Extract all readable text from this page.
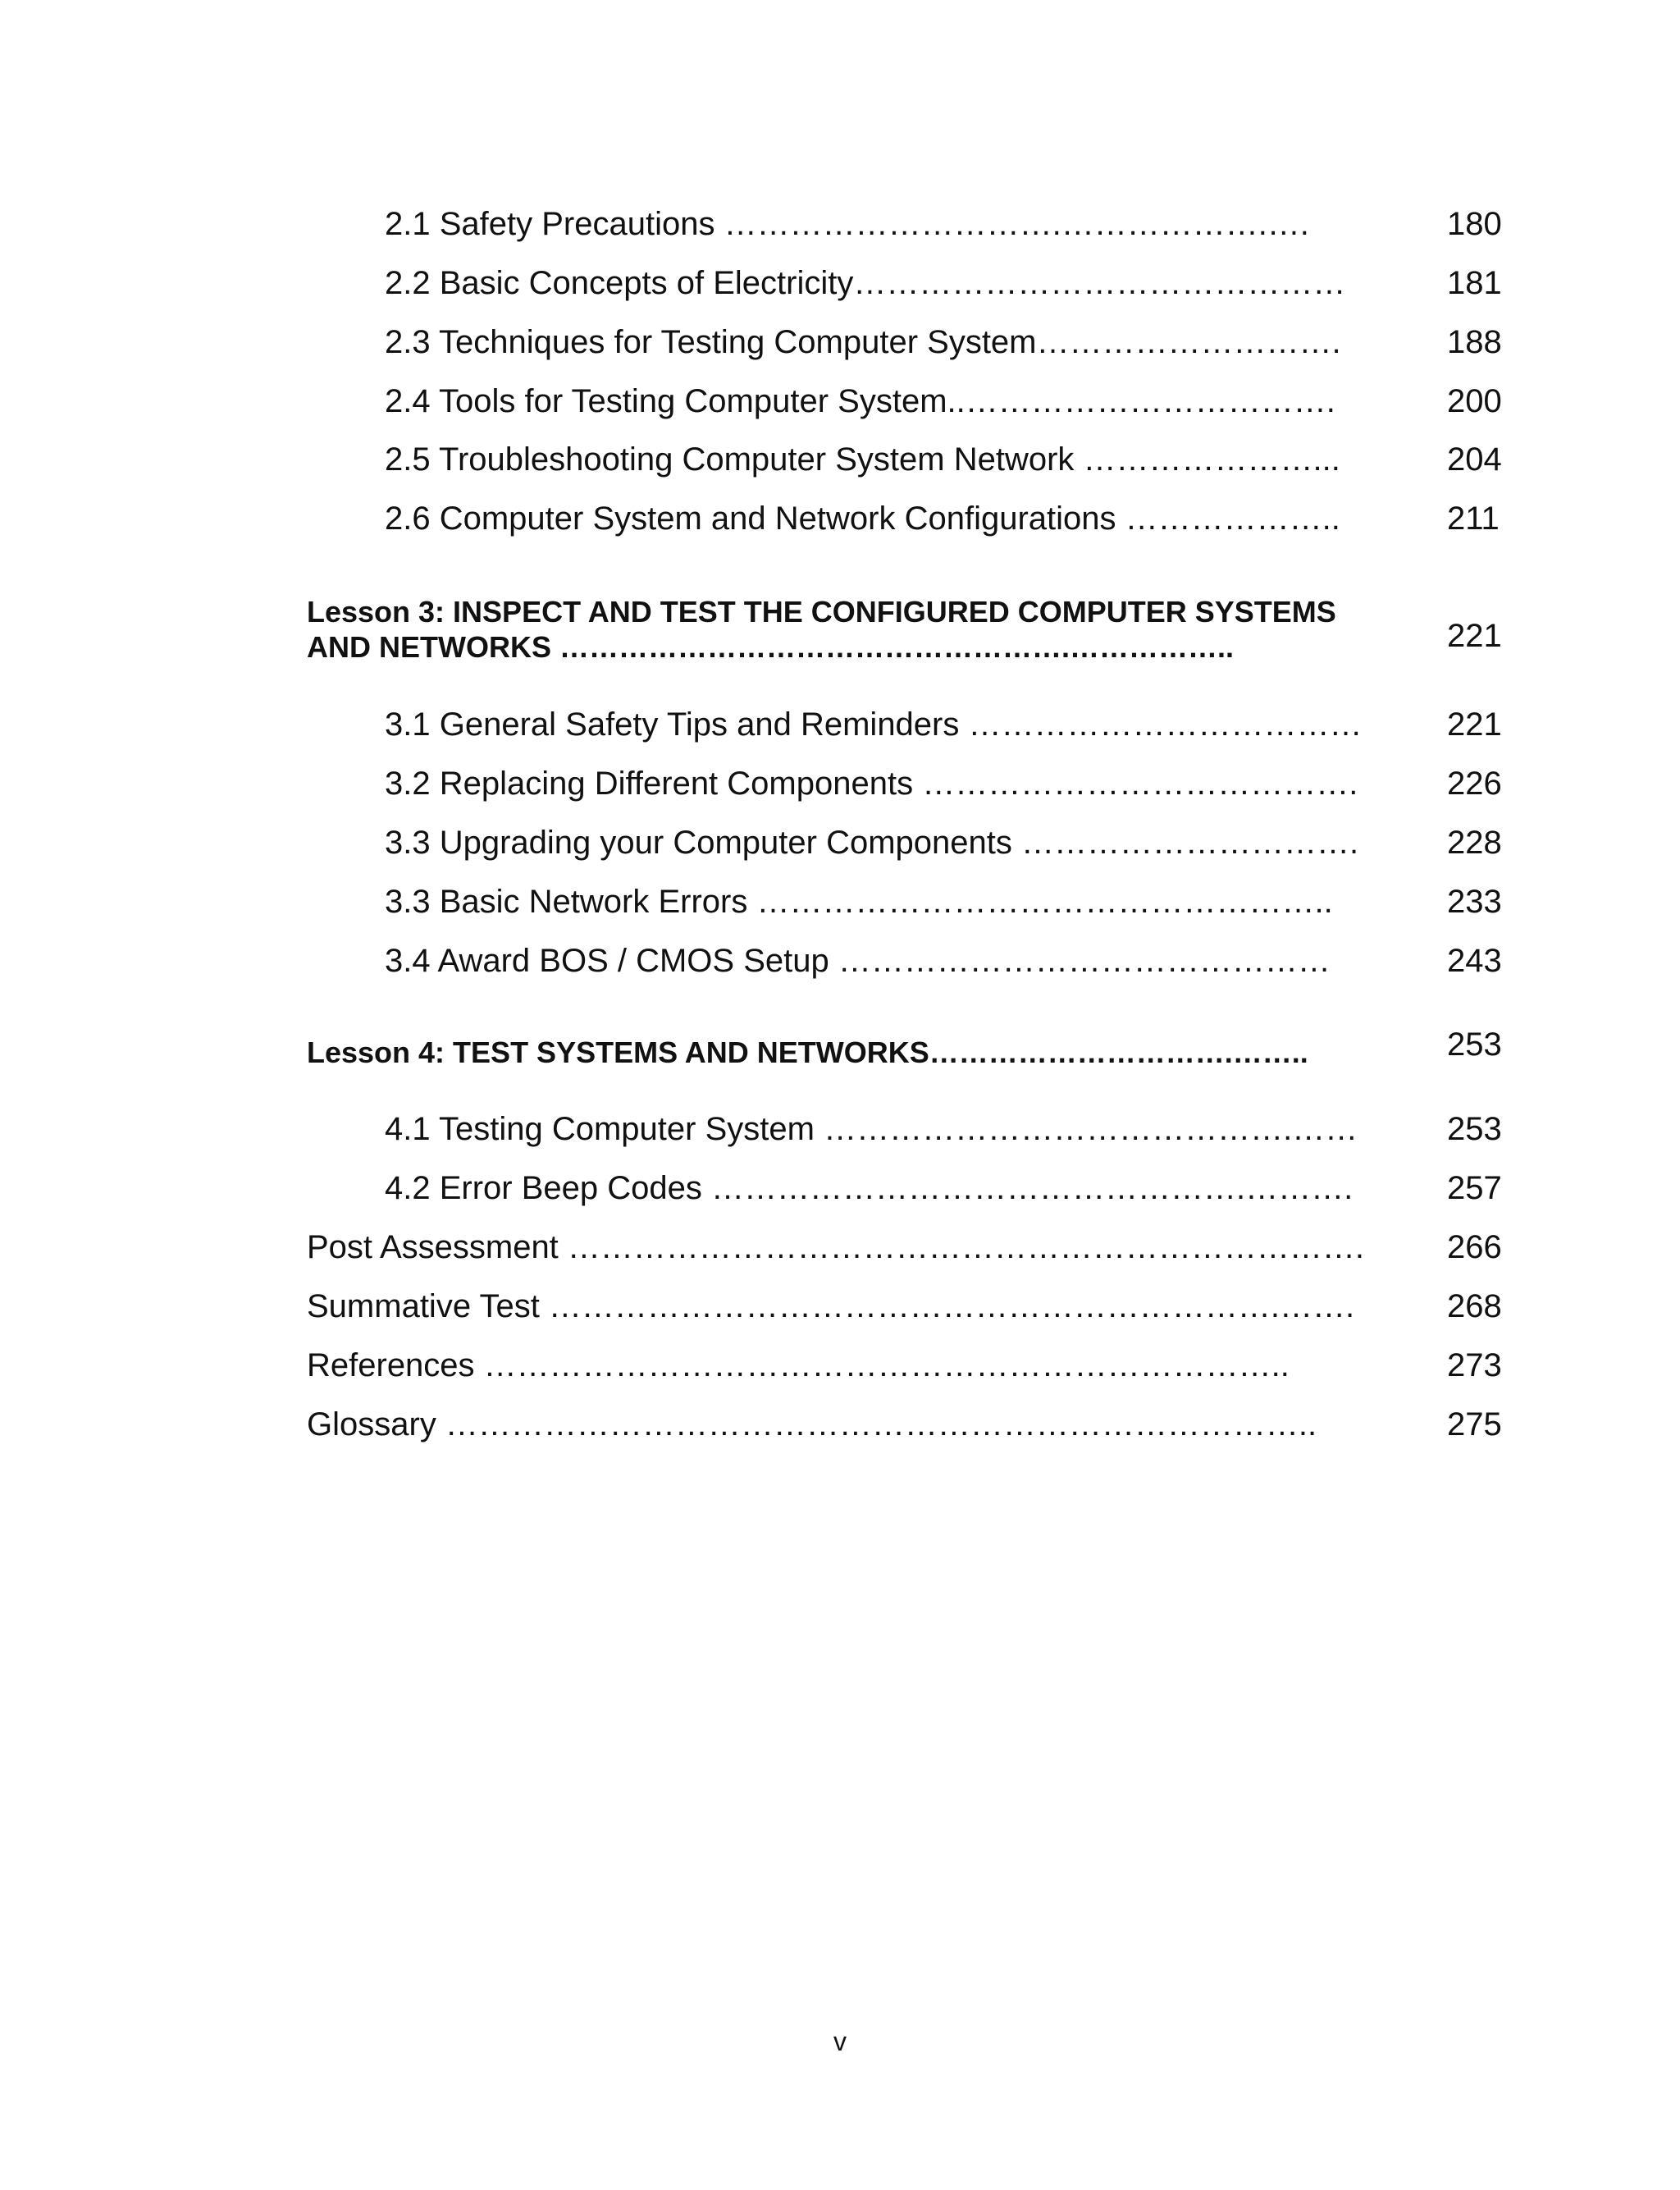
2.1 Safety Precautions ………………………….……………….….	180
2.2 Basic Concepts of Electricity………………………………………	181
2.3 Techniques for Testing Computer System……………………….	188
2.4 Tools for Testing Computer System..…………………………….	200
2.5 Troubleshooting Computer System Network …………………...	204
2.6 Computer System and Network Configurations ………………..	211
Lesson 3: INSPECT AND TEST THE CONFIGURED COMPUTER SYSTEMS
AND NETWORKS …………………………………………….……………..	221
3.1 General Safety Tips and Reminders ………………………………	221
3.2 Replacing Different Components ………………………………….	226
3.3 Upgrading your Computer Components ………………………….	228
3.3 Basic Network Errors ……………………………………………..	233
3.4 Award BOS / CMOS Setup ………………………………………	243
Lesson 4: TEST SYSTEMS AND NETWORKS………………………….……..	253
4.1 Testing Computer System …………………………………….……	253
4.2 Error Beep Codes ………………………………………….……….	257
Post Assessment ……………………………………………………………….	266
Summative Test ………………………………………………………….…….	268
References ………………………………………………………………..	273
Glossary ……………………………………………………………………..	275
v
